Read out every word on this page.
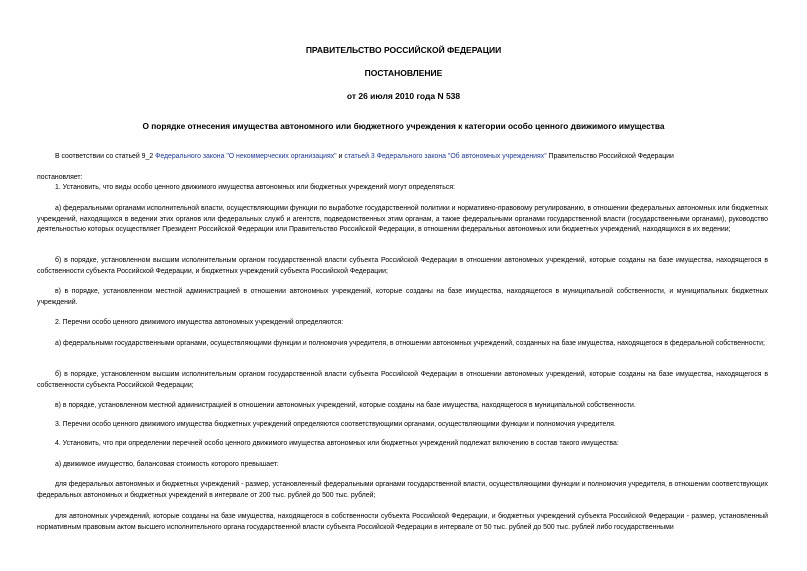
ПРАВИТЕЛЬСТВО РОССИЙСКОЙ ФЕДЕРАЦИИ
ПОСТАНОВЛЕНИЕ
от 26 июля 2010 года N 538
О порядке отнесения имущества автономного или бюджетного учреждения к категории особо ценного движимого имущества
В соответствии со статьей 9_2 Федерального закона "О некоммерческих организациях" и статьей 3 Федерального закона "Об автономных учреждениях" Правительство Российской Федерации
постановляет:
1. Установить, что виды особо ценного движимого имущества автономных или бюджетных учреждений могут определяться:
а) федеральными органами исполнительной власти, осуществляющими функции по выработке государственной политики и нормативно-правовому регулированию, в отношении федеральных автономных или бюджетных учреждений, находящихся в ведении этих органов или федеральных служб и агентств, подведомственных этим органам, а также федеральными органами государственной власти (государственными органами), руководство деятельностью которых осуществляет Президент Российской Федерации или Правительство Российской Федерации, в отношении федеральных автономных или бюджетных учреждений, находящихся в их ведении;
б) в порядке, установленном высшим исполнительным органом государственной власти субъекта Российской Федерации в отношении автономных учреждений, которые созданы на базе имущества, находящегося в собственности субъекта Российской Федерации, и бюджетных учреждений субъекта Российской Федерации;
в) в порядке, установленном местной администрацией в отношении автономных учреждений, которые созданы на базе имущества, находящегося в муниципальной собственности, и муниципальных бюджетных учреждений.
2. Перечни особо ценного движимого имущества автономных учреждений определяются:
а) федеральными государственными органами, осуществляющими функции и полномочия учредителя, в отношении автономных учреждений, созданных на базе имущества, находящегося в федеральной собственности;
б) в порядке, установленном высшим исполнительным органом государственной власти субъекта Российской Федерации в отношении автономных учреждений, которые созданы на базе имущества, находящегося в собственности субъекта Российской Федерации;
в) в порядке, установленном местной администрацией в отношении автономных учреждений, которые созданы на базе имущества, находящегося в муниципальной собственности.
3. Перечни особо ценного движимого имущества бюджетных учреждений определяются соответствующими органами, осуществляющими функции и полномочия учредителя.
4. Установить, что при определении перечней особо ценного движимого имущества автономных или бюджетных учреждений подлежат включению в состав такого имущества:
а) движимое имущество, балансовая стоимость которого превышает:
для федеральных автономных и бюджетных учреждений - размер, установленный федеральными органами государственной власти, осуществляющими функции и полномочия учредителя, в отношении соответствующих федеральных автономных и бюджетных учреждений в интервале от 200 тыс. рублей до 500 тыс. рублей;
для автономных учреждений, которые созданы на базе имущества, находящегося в собственности субъекта Российской Федерации, и бюджетных учреждений субъекта Российской Федерации - размер, установленный нормативным правовым актом высшего исполнительного органа государственной власти субъекта Российской Федерации в интервале от 50 тыс. рублей до 500 тыс. рублей либо государственными
